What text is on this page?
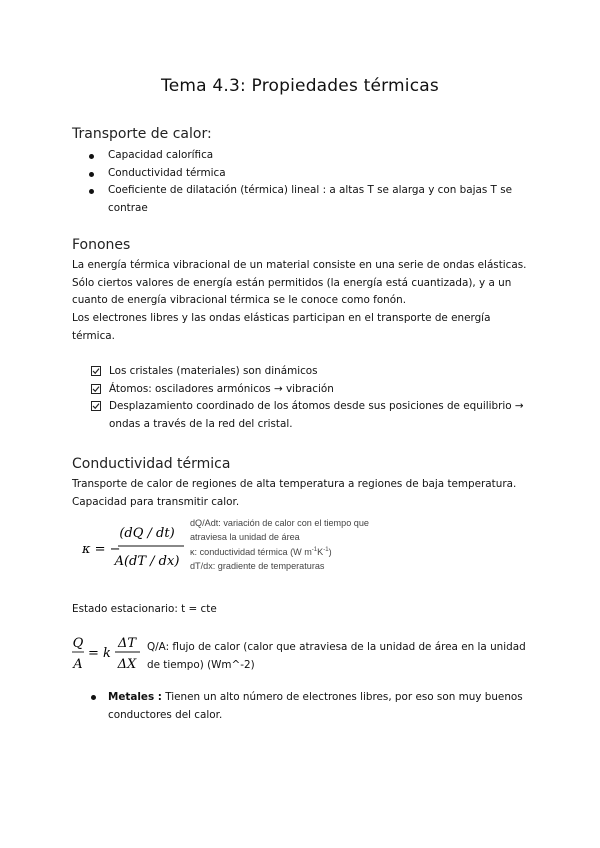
Tema 4.3: Propiedades térmicas
Transporte de calor:
Capacidad calorífica
Conductividad térmica
Coeficiente de dilatación (térmica) lineal : a altas T se alarga y con bajas T se contrae
Fonones

La energía térmica vibracional de un material consiste en una serie de ondas elásticas. Sólo ciertos valores de energía están permitidos (la energía está cuantizada), y a un cuanto de energía vibracional térmica se le conoce como fonón.

Los electrones libres y las ondas elásticas participan en el transporte de energía térmica.

Los cristales (materiales) son dinámicos
Átomos: osciladores armónicos → vibración
Desplazamiento coordinado de los átomos desde sus posiciones de equilibrio → ondas a través de la red del cristal.
Conductividad térmica

Transporte de calor de regiones de alta temperatura a regiones de baja temperatura. Capacidad para transmitir calor.

κ = −
(dQ / dt)
A(dT / dx)
dQ/Adt: variación de calor con el tiempo que
atraviesa la unidad de área
κ: conductividad térmica (W $m^{-1}K^{-1}$)
dT/dx: gradiente de temperaturas

Estado estacionario: t = cte

Q
A
= k
ΔT
ΔX
Q/A: flujo de calor (calor que atraviesa de la unidad de área en la unidad de tiempo) (Wm^-2)
Metales : Tienen un alto número de electrones libres, por eso son muy buenos conductores del calor.
